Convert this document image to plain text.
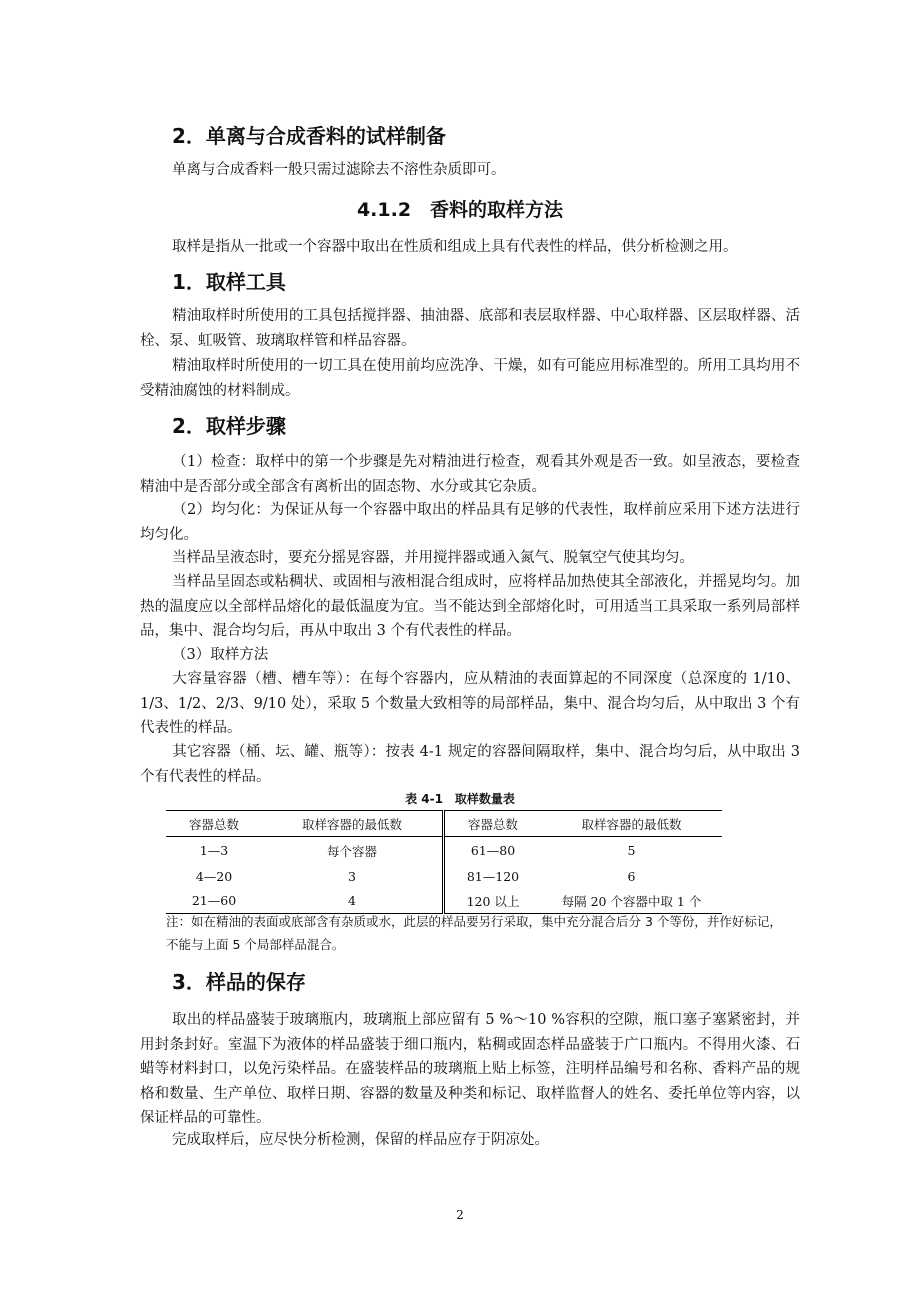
2．单离与合成香料的试样制备
单离与合成香料一般只需过滤除去不溶性杂质即可。
4.1.2　香料的取样方法
取样是指从一批或一个容器中取出在性质和组成上具有代表性的样品，供分析检测之用。
1．取样工具
精油取样时所使用的工具包括搅拌器、抽油器、底部和表层取样器、中心取样器、区层取样器、活栓、泵、虹吸管、玻璃取样管和样品容器。
精油取样时所使用的一切工具在使用前均应洗净、干燥，如有可能应用标准型的。所用工具均用不受精油腐蚀的材料制成。
2．取样步骤
（1）检查：取样中的第一个步骤是先对精油进行检查，观看其外观是否一致。如呈液态，要检查精油中是否部分或全部含有离析出的固态物、水分或其它杂质。
（2）均匀化：为保证从每一个容器中取出的样品具有足够的代表性，取样前应采用下述方法进行均匀化。
当样品呈液态时，要充分摇晃容器，并用搅拌器或通入氮气、脱氧空气使其均匀。
当样品呈固态或粘稠状、或固相与液相混合组成时，应将样品加热使其全部液化，并摇晃均匀。加热的温度应以全部样品熔化的最低温度为宜。当不能达到全部熔化时，可用适当工具采取一系列局部样品，集中、混合均匀后，再从中取出 3 个有代表性的样品。
（3）取样方法
大容量容器（槽、槽车等）：在每个容器内，应从精油的表面算起的不同深度（总深度的 1/10、1/3、1/2、2/3、9/10 处），采取 5 个数量大致相等的局部样品，集中、混合均匀后，从中取出 3 个有代表性的样品。
其它容器（桶、坛、罐、瓶等）：按表 4-1 规定的容器间隔取样，集中、混合均匀后，从中取出 3 个有代表性的样品。
表 4-1　取样数量表
容器总数	取样容器的最低数	容器总数	取样容器的最低数
1—3	每个容器	61—80	5
4—20	3	81—120	6
21—60	4	120 以上	每隔 20 个容器中取 1 个
注：如在精油的表面或底部含有杂质或水，此层的样品要另行采取，集中充分混合后分 3 个等份，并作好标记，不能与上面 5 个局部样品混合。
3．样品的保存
取出的样品盛装于玻璃瓶内，玻璃瓶上部应留有 5 %～10 %容积的空隙，瓶口塞子塞紧密封，并用封条封好。室温下为液体的样品盛装于细口瓶内，粘稠或固态样品盛装于广口瓶内。不得用火漆、石蜡等材料封口，以免污染样品。在盛装样品的玻璃瓶上贴上标签，注明样品编号和名称、香料产品的规格和数量、生产单位、取样日期、容器的数量及种类和标记、取样监督人的姓名、委托单位等内容，以保证样品的可靠性。
完成取样后，应尽快分析检测，保留的样品应存于阴凉处。
2
